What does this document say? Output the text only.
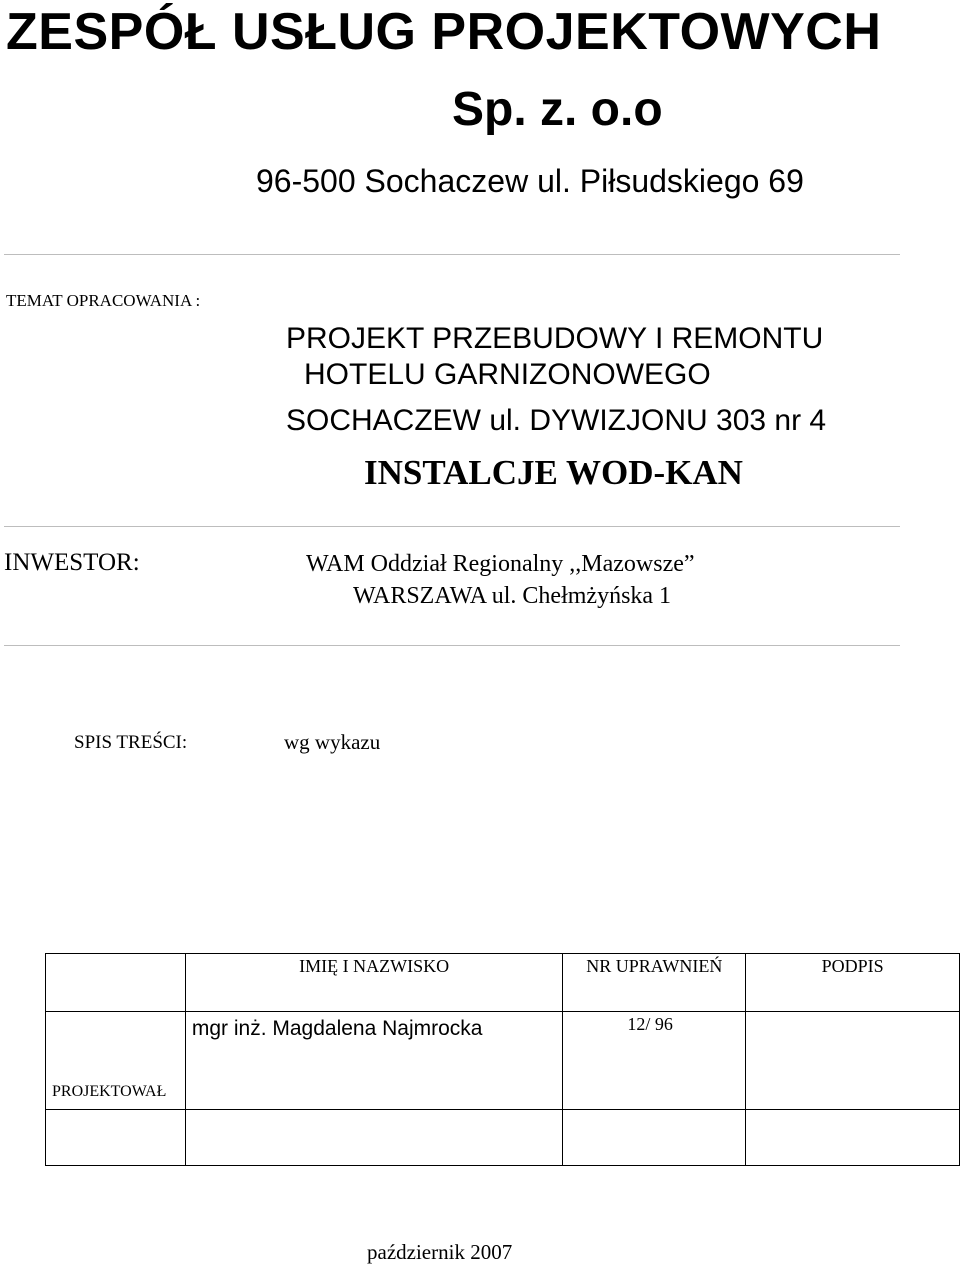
ZESPÓŁ USŁUG PROJEKTOWYCH

Sp. z. o.o

96-500 Sochaczew ul. Piłsudskiego 69

TEMAT OPRACOWANIA :

PROJEKT PRZEBUDOWY I REMONTU

HOTELU GARNIZONOWEGO

SOCHACZEW ul. DYWIZJONU 303 nr 4

INSTALCJE WOD-KAN

INWESTOR:	WAM Oddział Regionalny ,,Mazowsze”

WARSZAWA ul. Chełmżyńska 1

SPIS TREŚCI:	wg wykazu

	IMIĘ I NAZWISKO	NR UPRAWNIEŃ	PODPIS

PROJEKTOWAŁ	mgr inż. Magdalena Najmrocka	12/ 96	

październik 2007
